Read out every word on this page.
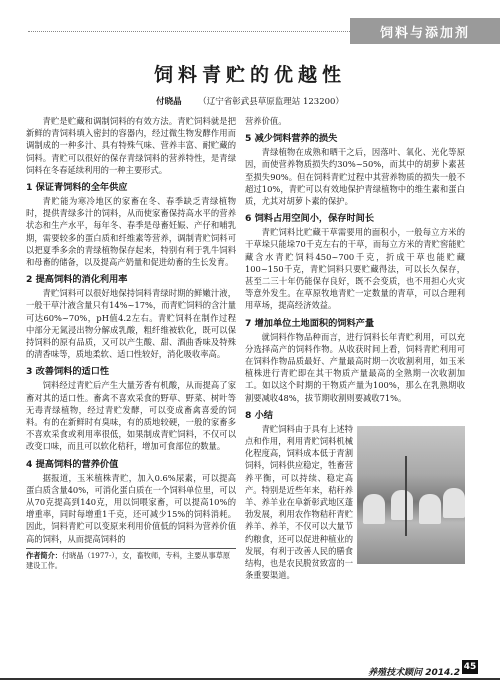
饲料与添加剂
饲料青贮的优越性
付晓晶 （辽宁省彰武县草原监理站 123200）

青贮是贮藏和调制饲料的有效方法。青贮饲料就是把新鲜的青饲料填入密封的容器内，经过微生物发酵作用而调制成的一种多汁、具有特殊气味、营养丰富、耐贮藏的饲料。青贮可以很好的保存青绿饲料的营养特性，是青绿饲料在冬春延续利用的一种主要形式。

1 保证青饲料的全年供应

青贮能为寒冷地区的家畜在冬、春季缺乏青绿植物时，提供青绿多汁的饲料，从而使家畜保持高水平的营养状态和生产水平，每年冬、春季是母畜妊娠、产仔和哺乳期，需要较多的蛋白质和纤维素等营养，调制青贮饲料可以把夏季多余的青绿植物保存起来，特别有利于乳牛饲料和母畜的储备，以及提高产奶量和促进幼畜的生长发育。

2 提高饲料的消化利用率

青贮饲料可以很好地保持饲料青绿时期的鲜嫩汁液，一般干草汁液含量只有14%~17%，而青贮饲料的含汁量可达60%~70%，pH值4.2左右。青贮饲料在制作过程中部分无氮浸出物分解成乳酸，粗纤维被软化，既可以保持饲料的原有品质，又可以产生酸、甜、酒曲香味及特殊的清香味等，质地柔软、适口性较好，消化吸收率高。

3 改善饲料的适口性

饲料经过青贮后产生大量芳香有机酸，从而提高了家畜对其的适口性。畜禽不喜欢采食的野草、野菜、树叶等无毒青绿植物，经过青贮发酵，可以变成畜禽喜爱的饲料。有的在新鲜时有臭味，有的质地较硬，一般的家畜多不喜欢采食或利用率很低，如果制成青贮饲料，不仅可以改变口味，而且可以软化秸秆，增加可食部位的数量。

4 提高饲料的营养价值

据报道，玉米植株青贮，加入0.6%尿素，可以提高蛋白质含量40%，可消化蛋白质在一个饲料单位里，可以从70克提高到140克，用以饲喂家畜，可以提高10%的增重率，同时每增重1千克，还可减少15%的饲料消耗。因此，饲料青贮可以变原来利用价值低的饲料为营养价值高的饲料，从而提高饲料的

作者简介：付晓晶（1977-），女，畜牧师，专科，主要从事草原建设工作。

营养价值。

5 减少饲料营养的损失

青绿植物在成熟和晒干之后，因落叶、氧化、光化等原因，而使营养物质损失约30%~50%，而其中的胡萝卜素甚至损失90%。但在饲料青贮过程中其营养物质的损失一般不超过10%，青贮可以有效地保护青绿植物中的维生素和蛋白质，尤其对胡萝卜素的保护。

6 饲料占用空间小，保存时间长

青贮饲料比贮藏干草需要用的面积小，一般每立方米的干草垛只能垛70千克左右的干草，而每立方米的青贮窖能贮藏含水青贮饲料450~700千克，折成干草也能贮藏100~150千克，青贮饲料只要贮藏得法，可以长久保存，甚至二三十年仍能保存良好，既不会变质，也不用担心火灾等意外发生。在草原牧地青贮一定数量的青草，可以合理利用草场，提高经济效益。

7 增加单位土地面积的饲料产量

就饲料作物品种而言，进行饲料长年青贮利用，可以充分选择高产的饲料作物。从收获时间上看，饲料青贮利用可在饲料作物品质最好、产量最高时期一次收割利用，如玉米植株进行青贮即在其干物质产量最高的全熟期一次收割加工。如以这个时期的干物质产量为100%，那么在乳熟期收割要减收48%，拔节期收割则要减收71%。

8 小结

青贮饲料由于具有上述特点和作用，利用青贮饲料机械化程度高，饲料成本低于青割饲料，饲料供应稳定，牲畜营养平衡，可以持续、稳定高产。特别是近些年来，秸秆养羊、养羊业在阜新彰武地区蓬勃发展，利用农作物秸秆青贮养羊、养羊，不仅可以大量节约粮食，还可以促进种植业的发展，有利于改善人民的膳食结构，也是农民脱贫致富的一条重要渠道。

养殖技术顾问 2014.2
45
